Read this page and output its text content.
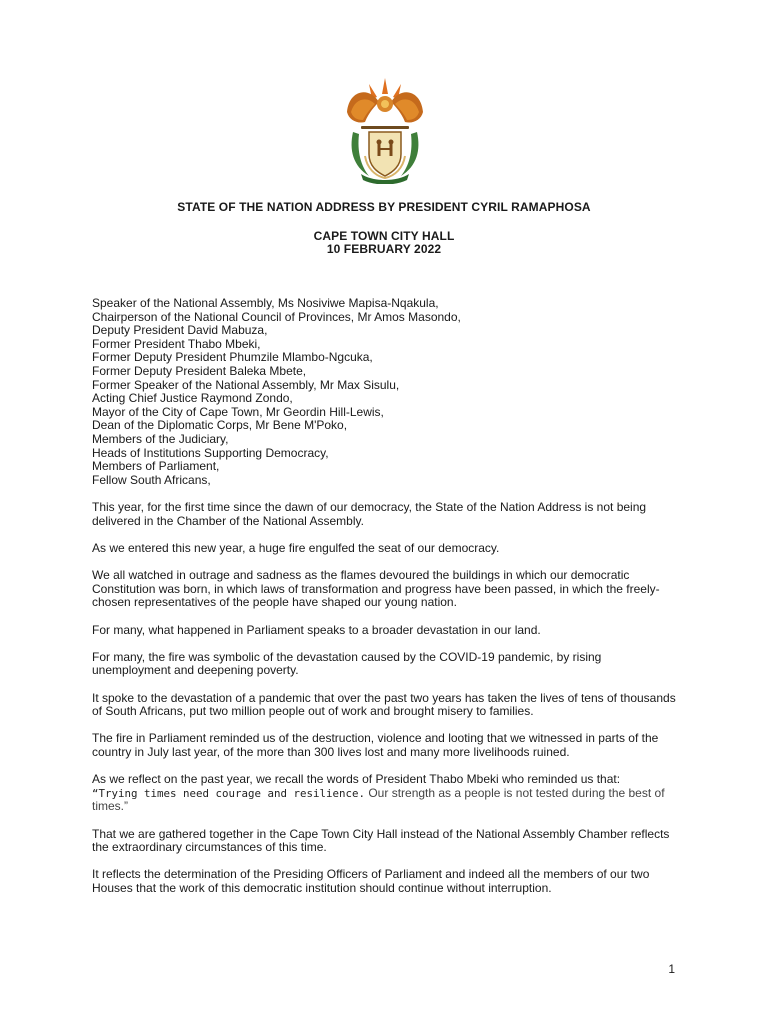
STATE OF THE NATION ADDRESS BY PRESIDENT CYRIL RAMAPHOSA
CAPE TOWN CITY HALL
10 FEBRUARY 2022
Speaker of the National Assembly, Ms Nosiviwe Mapisa-Nqakula,
Chairperson of the National Council of Provinces, Mr Amos Masondo,
Deputy President David Mabuza,
Former President Thabo Mbeki,
Former Deputy President Phumzile Mlambo-Ngcuka,
Former Deputy President Baleka Mbete,
Former Speaker of the National Assembly, Mr Max Sisulu,
Acting Chief Justice Raymond Zondo,
Mayor of the City of Cape Town, Mr Geordin Hill-Lewis,
Dean of the Diplomatic Corps, Mr Bene M'Poko,
Members of the Judiciary,
Heads of Institutions Supporting Democracy,
Members of Parliament,
Fellow South Africans,

This year, for the first time since the dawn of our democracy, the State of the Nation Address is not being delivered in the Chamber of the National Assembly.

As we entered this new year, a huge fire engulfed the seat of our democracy.

We all watched in outrage and sadness as the flames devoured the buildings in which our democratic Constitution was born, in which laws of transformation and progress have been passed, in which the freely-chosen representatives of the people have shaped our young nation.

For many, what happened in Parliament speaks to a broader devastation in our land.

For many, the fire was symbolic of the devastation caused by the COVID-19 pandemic, by rising unemployment and deepening poverty.

It spoke to the devastation of a pandemic that over the past two years has taken the lives of tens of thousands of South Africans, put two million people out of work and brought misery to families.

The fire in Parliament reminded us of the destruction, violence and looting that we witnessed in parts of the country in July last year, of the more than 300 lives lost and many more livelihoods ruined.

As we reflect on the past year, we recall the words of President Thabo Mbeki who reminded us that:
“Trying times need courage and resilience. Our strength as a people is not tested during the best of times.”

That we are gathered together in the Cape Town City Hall instead of the National Assembly Chamber reflects the extraordinary circumstances of this time.

It reflects the determination of the Presiding Officers of Parliament and indeed all the members of our two Houses that the work of this democratic institution should continue without interruption.

1
